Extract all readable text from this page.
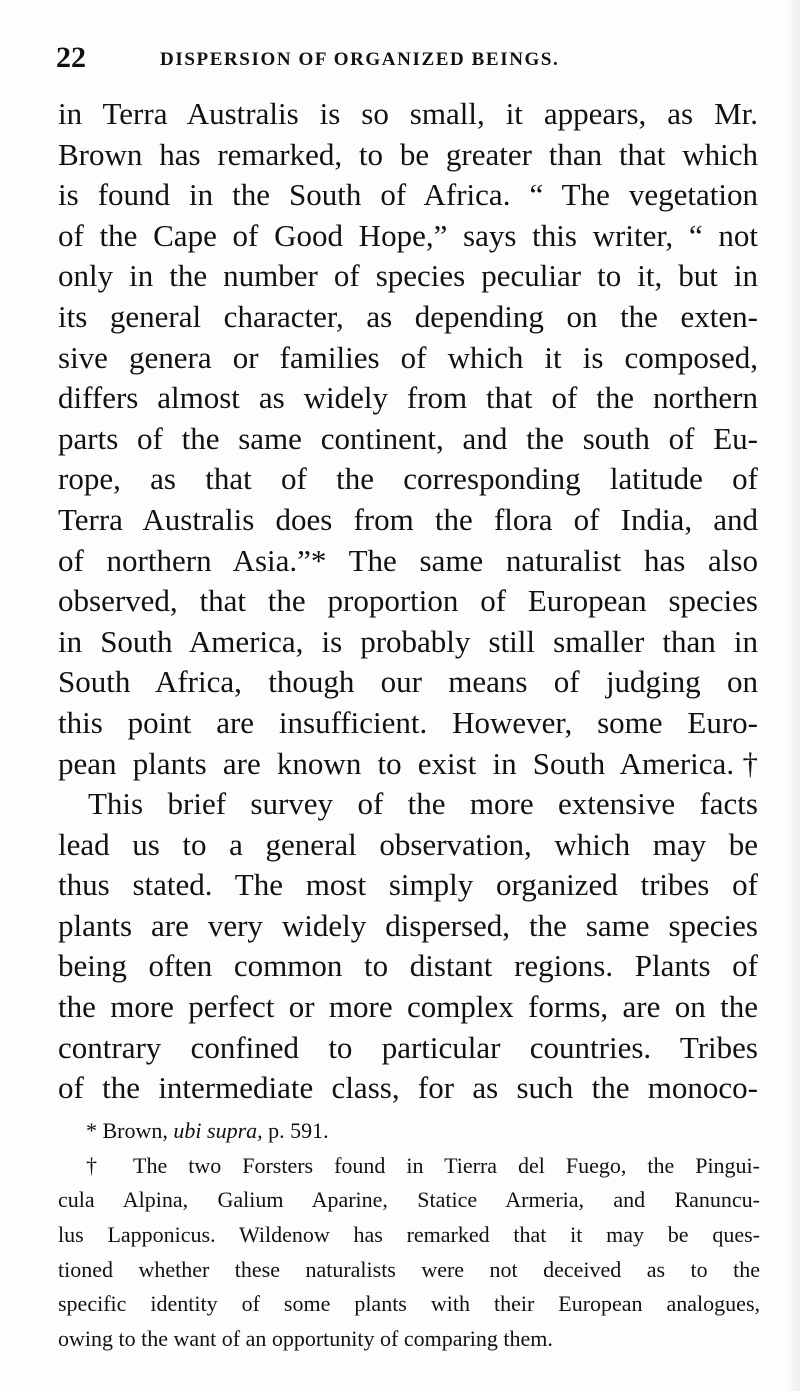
22	DISPERSION OF ORGANIZED BEINGS.
in Terra Australis is so small, it appears, as Mr.
Brown has remarked, to be greater than that which
is found in the South of Africa. “ The vegetation
of the Cape of Good Hope,” says this writer, “ not
only in the number of species peculiar to it, but in
its general character, as depending on the exten-
sive genera or families of which it is composed,
differs almost as widely from that of the northern
parts of the same continent, and the south of Eu-
rope, as that of the corresponding latitude of
Terra Australis does from the flora of India, and
of northern Asia.”* The same naturalist has also
observed, that the proportion of European species
in South America, is probably still smaller than in
South Africa, though our means of judging on
this point are insufficient. However, some Euro-
pean plants are known to exist in South America.†
This brief survey of the more extensive facts
lead us to a general observation, which may be
thus stated. The most simply organized tribes of
plants are very widely dispersed, the same species
being often common to distant regions. Plants of
the more perfect or more complex forms, are on the
contrary confined to particular countries. Tribes
of the intermediate class, for as such the monoco-
* Brown, ubi supra, p. 591.
† The two Forsters found in Tierra del Fuego, the Pingui-
cula Alpina, Galium Aparine, Statice Armeria, and Ranuncu-
lus Lapponicus. Wildenow has remarked that it may be ques-
tioned whether these naturalists were not deceived as to the
specific identity of some plants with their European analogues,
owing to the want of an opportunity of comparing them.
